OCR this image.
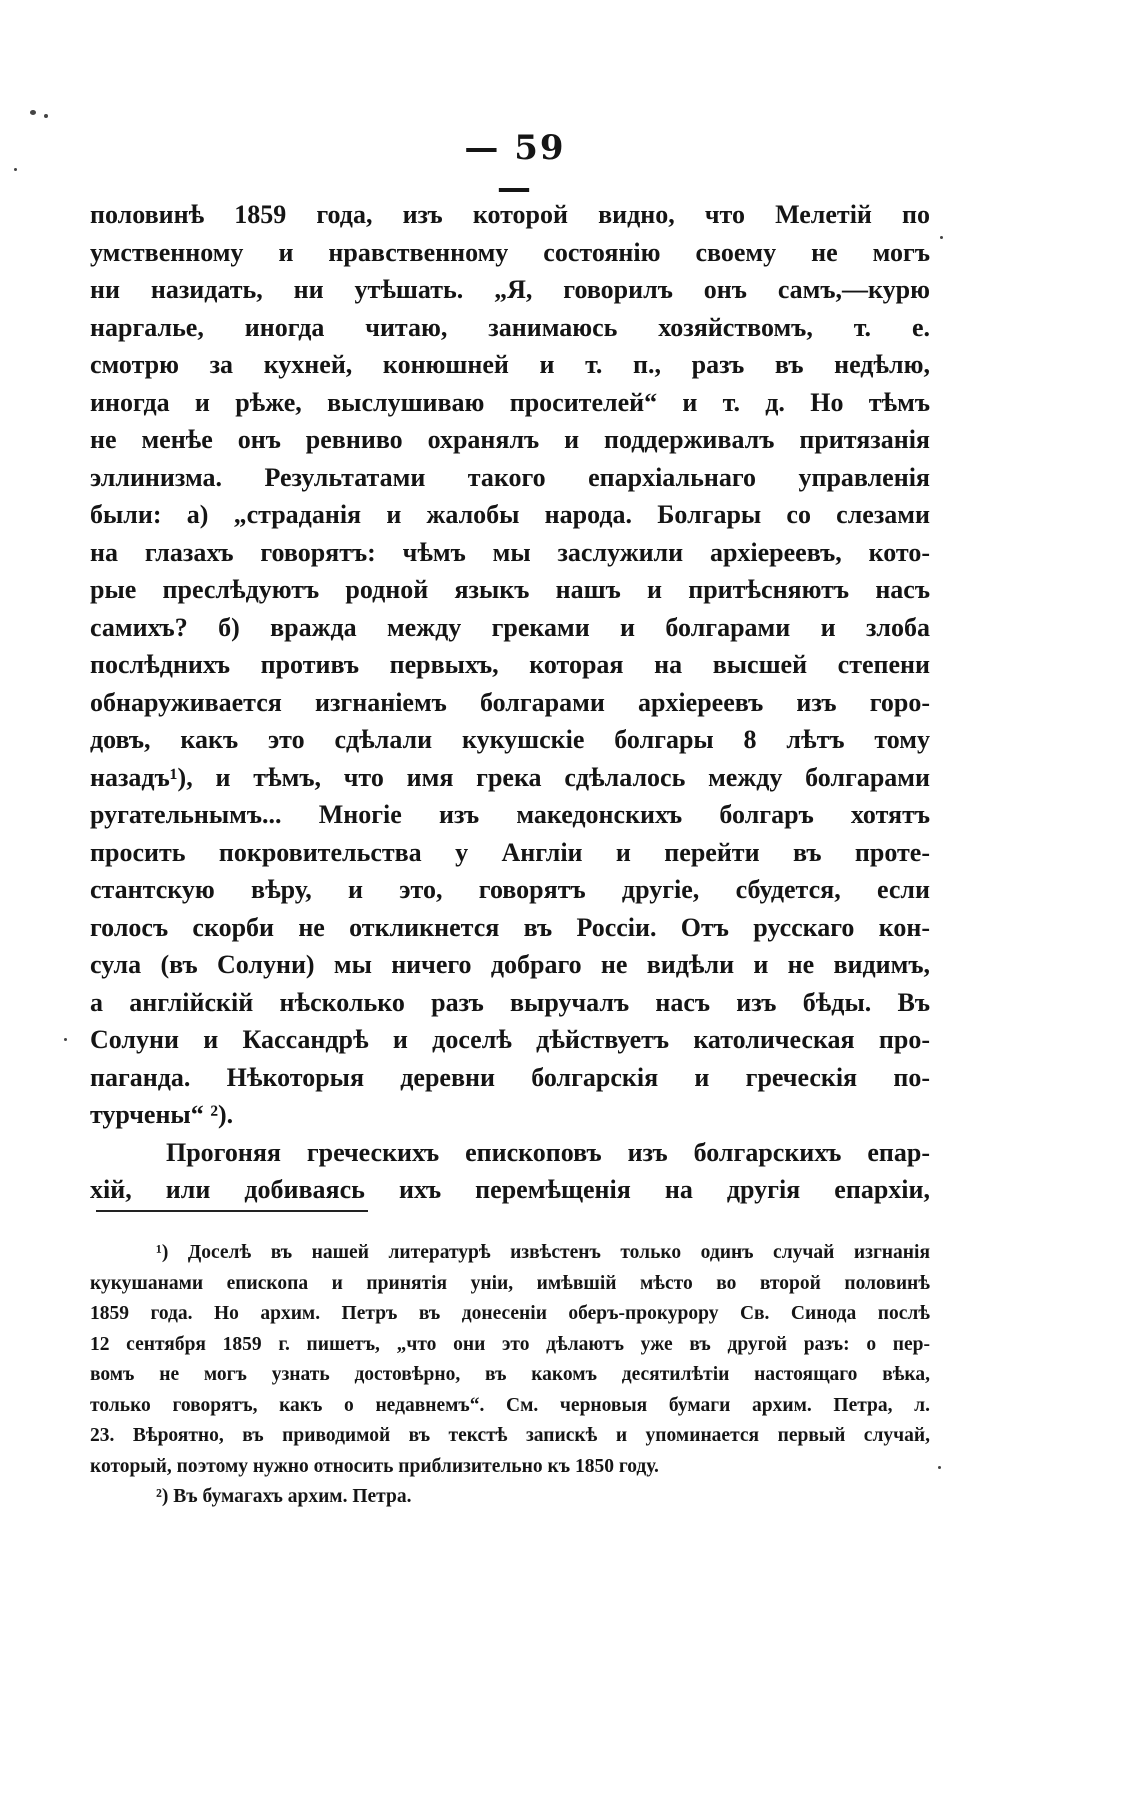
— 59 —
половинѣ 1859 года, изъ которой видно, что Мелетій по
умственному и нравственному состоянію своему не могъ
ни назидать, ни утѣшать. „Я, говорилъ онъ самъ,—курю
наргалье, иногда читаю, занимаюсь хозяйствомъ, т. е.
смотрю за кухней, конюшней и т. п., разъ въ недѣлю,
иногда и рѣже, выслушиваю просителей“ и т. д. Но тѣмъ
не менѣе онъ ревниво охранялъ и поддерживалъ притязанія
эллинизма. Результатами такого епархіальнаго управленія
были: а) „страданія и жалобы народа. Болгары со слезами
на глазахъ говорятъ: чѣмъ мы заслужили архіереевъ, кото-
рые преслѣдуютъ родной языкъ нашъ и притѣсняютъ насъ
самихъ? б) вражда между греками и болгарами и злоба
послѣднихъ противъ первыхъ, которая на высшей степени
обнаруживается изгнаніемъ болгарами архіереевъ изъ горо-
довъ, какъ это сдѣлали кукушскіе болгары 8 лѣтъ тому
назадъ¹), и тѣмъ, что имя грека сдѣлалось между болгарами
ругательнымъ... Многіе изъ македонскихъ болгаръ хотятъ
просить покровительства у Англіи и перейти въ проте-
стантскую вѣру, и это, говорятъ другіе, сбудется, если
голосъ скорби не откликнется въ Россіи. Отъ русскаго кон-
сула (въ Солуни) мы ничего добраго не видѣли и не видимъ,
а англійскій нѣсколько разъ выручалъ насъ изъ бѣды. Въ
Солуни и Кассандрѣ и доселѣ дѣйствуетъ католическая про-
паганда. Нѣкоторыя деревни болгарскія и греческія по-
турчены“ ²).
Прогоняя греческихъ епископовъ изъ болгарскихъ епар-
хій, или добиваясь ихъ перемѣщенія на другія епархіи,
¹) Доселѣ въ нашей литературѣ извѣстенъ только одинъ случай изгнанія
кукушанами епископа и принятія уніи, имѣвшій мѣсто во второй половинѣ
1859 года. Но архим. Петръ въ донесеніи оберъ-прокурору Св. Синода послѣ
12 сентября 1859 г. пишетъ, „что они это дѣлаютъ уже въ другой разъ: о пер-
вомъ не могъ узнать достовѣрно, въ какомъ десятилѣтіи настоящаго вѣка,
только говорятъ, какъ о недавнемъ“. См. черновыя бумаги архим. Петра, л.
23. Вѣроятно, въ приводимой въ текстѣ запискѣ и упоминается первый случай,
который, поэтому нужно относить приблизительно къ 1850 году.
²) Въ бумагахъ архим. Петра.
